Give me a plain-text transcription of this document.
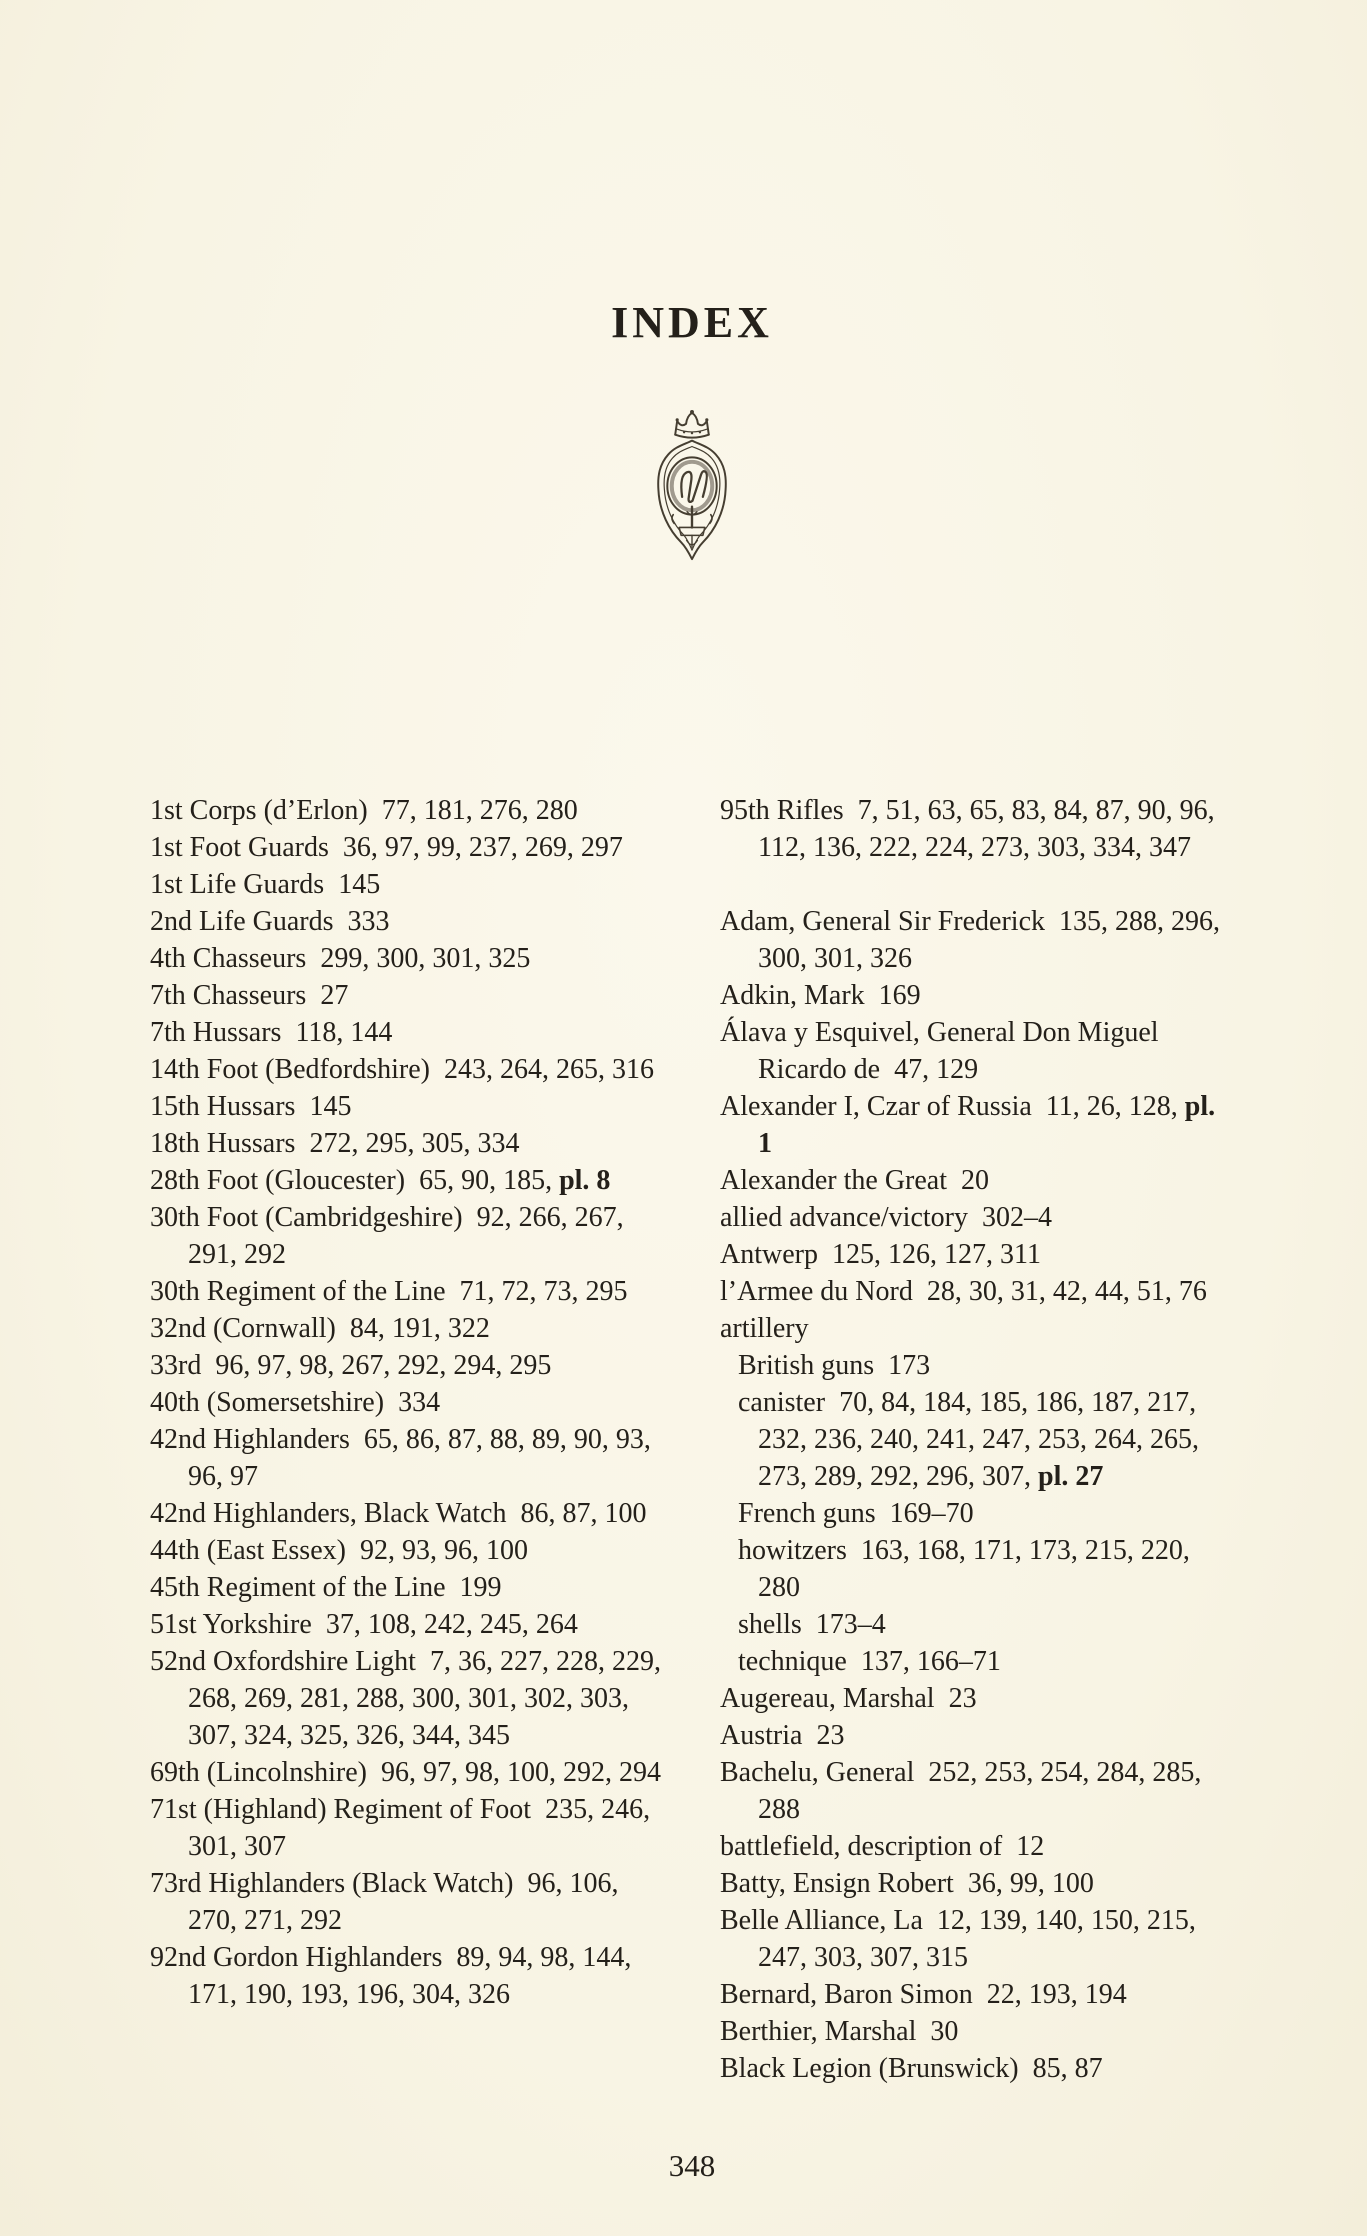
INDEX

1st Corps (d’Erlon) 77, 181, 276, 280

1st Foot Guards 36, 97, 99, 237, 269, 297

1st Life Guards 145

2nd Life Guards 333

4th Chasseurs 299, 300, 301, 325

7th Chasseurs 27

7th Hussars 118, 144

14th Foot (Bedfordshire) 243, 264, 265, 316

15th Hussars 145

18th Hussars 272, 295, 305, 334

28th Foot (Gloucester) 65, 90, 185, pl. 8

30th Foot (Cambridgeshire) 92, 266, 267, 291, 292

30th Regiment of the Line 71, 72, 73, 295

32nd (Cornwall) 84, 191, 322

33rd 96, 97, 98, 267, 292, 294, 295

40th (Somersetshire) 334

42nd Highlanders 65, 86, 87, 88, 89, 90, 93, 96, 97

42nd Highlanders, Black Watch 86, 87, 100

44th (East Essex) 92, 93, 96, 100

45th Regiment of the Line 199

51st Yorkshire 37, 108, 242, 245, 264

52nd Oxfordshire Light 7, 36, 227, 228, 229, 268, 269, 281, 288, 300, 301, 302, 303, 307, 324, 325, 326, 344, 345

69th (Lincolnshire) 96, 97, 98, 100, 292, 294

71st (Highland) Regiment of Foot 235, 246, 301, 307

73rd Highlanders (Black Watch) 96, 106, 270, 271, 292

92nd Gordon Highlanders 89, 94, 98, 144, 171, 190, 193, 196, 304, 326

95th Rifles 7, 51, 63, 65, 83, 84, 87, 90, 96, 112, 136, 222, 224, 273, 303, 334, 347

Adam, General Sir Frederick 135, 288, 296, 300, 301, 326

Adkin, Mark 169

Álava y Esquivel, General Don Miguel Ricardo de 47, 129

Alexander I, Czar of Russia 11, 26, 128, pl. 1

Alexander the Great 20

allied advance/victory 302–4

Antwerp 125, 126, 127, 311

l’Armee du Nord 28, 30, 31, 42, 44, 51, 76

artillery

British guns 173

canister 70, 84, 184, 185, 186, 187, 217, 232, 236, 240, 241, 247, 253, 264, 265, 273, 289, 292, 296, 307, pl. 27

French guns 169–70

howitzers 163, 168, 171, 173, 215, 220, 280

shells 173–4

technique 137, 166–71

Augereau, Marshal 23

Austria 23

Bachelu, General 252, 253, 254, 284, 285, 288

battlefield, description of 12

Batty, Ensign Robert 36, 99, 100

Belle Alliance, La 12, 139, 140, 150, 215, 247, 303, 307, 315

Bernard, Baron Simon 22, 193, 194

Berthier, Marshal 30

Black Legion (Brunswick) 85, 87

348
